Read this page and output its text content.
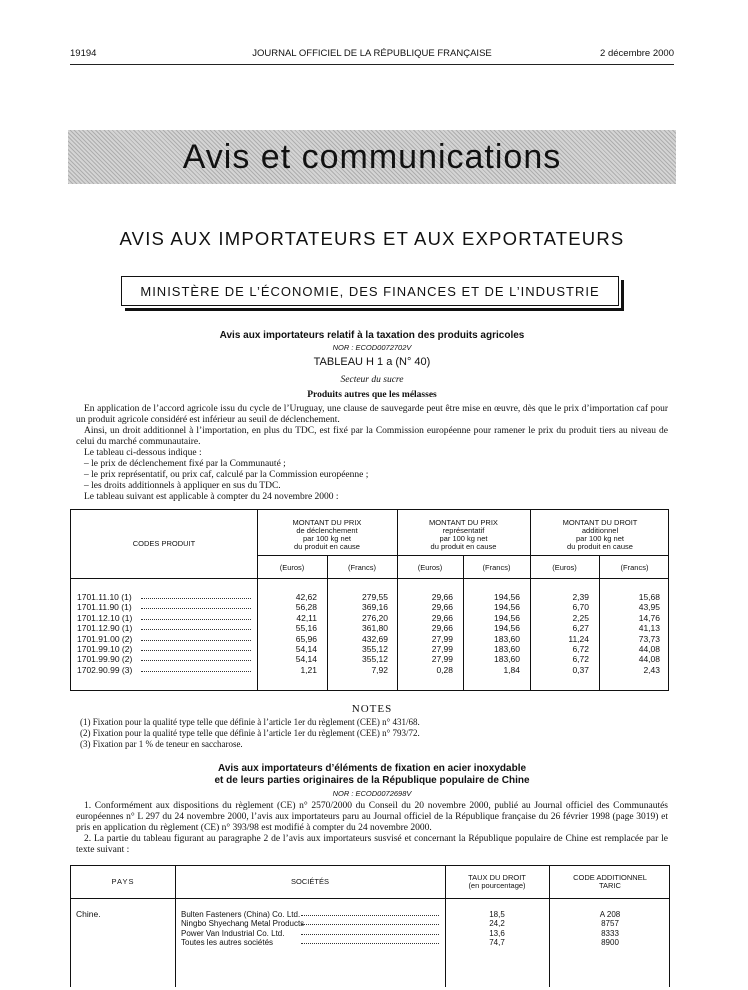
19194	JOURNAL OFFICIEL DE LA RÉPUBLIQUE FRANÇAISE	2 décembre 2000
Avis et communications
AVIS AUX IMPORTATEURS ET AUX EXPORTATEURS
MINISTÈRE DE L’ÉCONOMIE, DES FINANCES ET DE L’INDUSTRIE
Avis aux importateurs relatif à la taxation des produits agricoles
NOR : ECOD0072702V
TABLEAU H 1 a (N° 40)
Secteur du sucre
Produits autres que les mélasses

En application de l’accord agricole issu du cycle de l’Uruguay, une clause de sauvegarde peut être mise en œuvre, dès que le prix d’importation caf pour un produit agricole considéré est inférieur au seuil de déclenchement.

Ainsi, un droit additionnel à l’importation, en plus du TDC, est fixé par la Commission européenne pour ramener le prix du produit tiers au niveau de celui du marché communautaire.

Le tableau ci-dessous indique :

– le prix de déclenchement fixé par la Communauté ;

– le prix représentatif, ou prix caf, calculé par la Commission européenne ;

– les droits additionnels à appliquer en sus du TDC.

Le tableau suivant est applicable à compter du 24 novembre 2000 :

CODES PRODUIT
MONTANT DU PRIX
de déclenchement
par 100 kg net
du produit en cause
MONTANT DU PRIX
représentatif
par 100 kg net
du produit en cause
MONTANT DU DROIT
additionnel
par 100 kg net
du produit en cause
(Euros)	(Francs)	(Euros)	(Francs)	(Euros)	(Francs)
1701.11.10 (1)	42,62	279,55	29,66	194,56	2,39	15,68
1701.11.90 (1)	56,28	369,16	29,66	194,56	6,70	43,95
1701.12.10 (1)	42,11	276,20	29,66	194,56	2,25	14,76
1701.12.90 (1)	55,16	361,80	29,66	194,56	6,27	41,13
1701.91.00 (2)	65,96	432,69	27,99	183,60	11,24	73,73
1701.99.10 (2)	54,14	355,12	27,99	183,60	6,72	44,08
1701.99.90 (2)	54,14	355,12	27,99	183,60	6,72	44,08
1702.90.99 (3)	1,21	7,92	0,28	1,84	0,37	2,43
NOTES
(1) Fixation pour la qualité type telle que définie à l’article 1er du règlement (CEE) n° 431/68.
(2) Fixation pour la qualité type telle que définie à l’article 1er du règlement (CEE) n° 793/72.
(3) Fixation par 1 % de teneur en saccharose.
Avis aux importateurs d’éléments de fixation en acier inoxydable
et de leurs parties originaires de la République populaire de Chine
NOR : ECOD0072698V

1. Conformément aux dispositions du règlement (CE) n° 2570/2000 du Conseil du 20 novembre 2000, publié au Journal officiel des Communautés européennes n° L 297 du 24 novembre 2000, l’avis aux importateurs paru au Journal officiel de la République française du 26 février 1998 (page 3019) et pris en application du règlement (CE) n° 393/98 est modifié à compter du 24 novembre 2000.

2. La partie du tableau figurant au paragraphe 2 de l’avis aux importateurs susvisé et concernant la République populaire de Chine est remplacée par le texte suivant :

PAYS	SOCIÉTÉS	TAUX DU DROIT
(en pourcentage)
CODE ADDITIONNEL
TARIC
Chine.	Bulten Fasteners (China) Co. Ltd.	18,5	A 208
Ningbo Shyechang Metal Products	24,2	8757
Power Van Industrial Co. Ltd.	13,6	8333
Toutes les autres sociétés	74,7	8900
